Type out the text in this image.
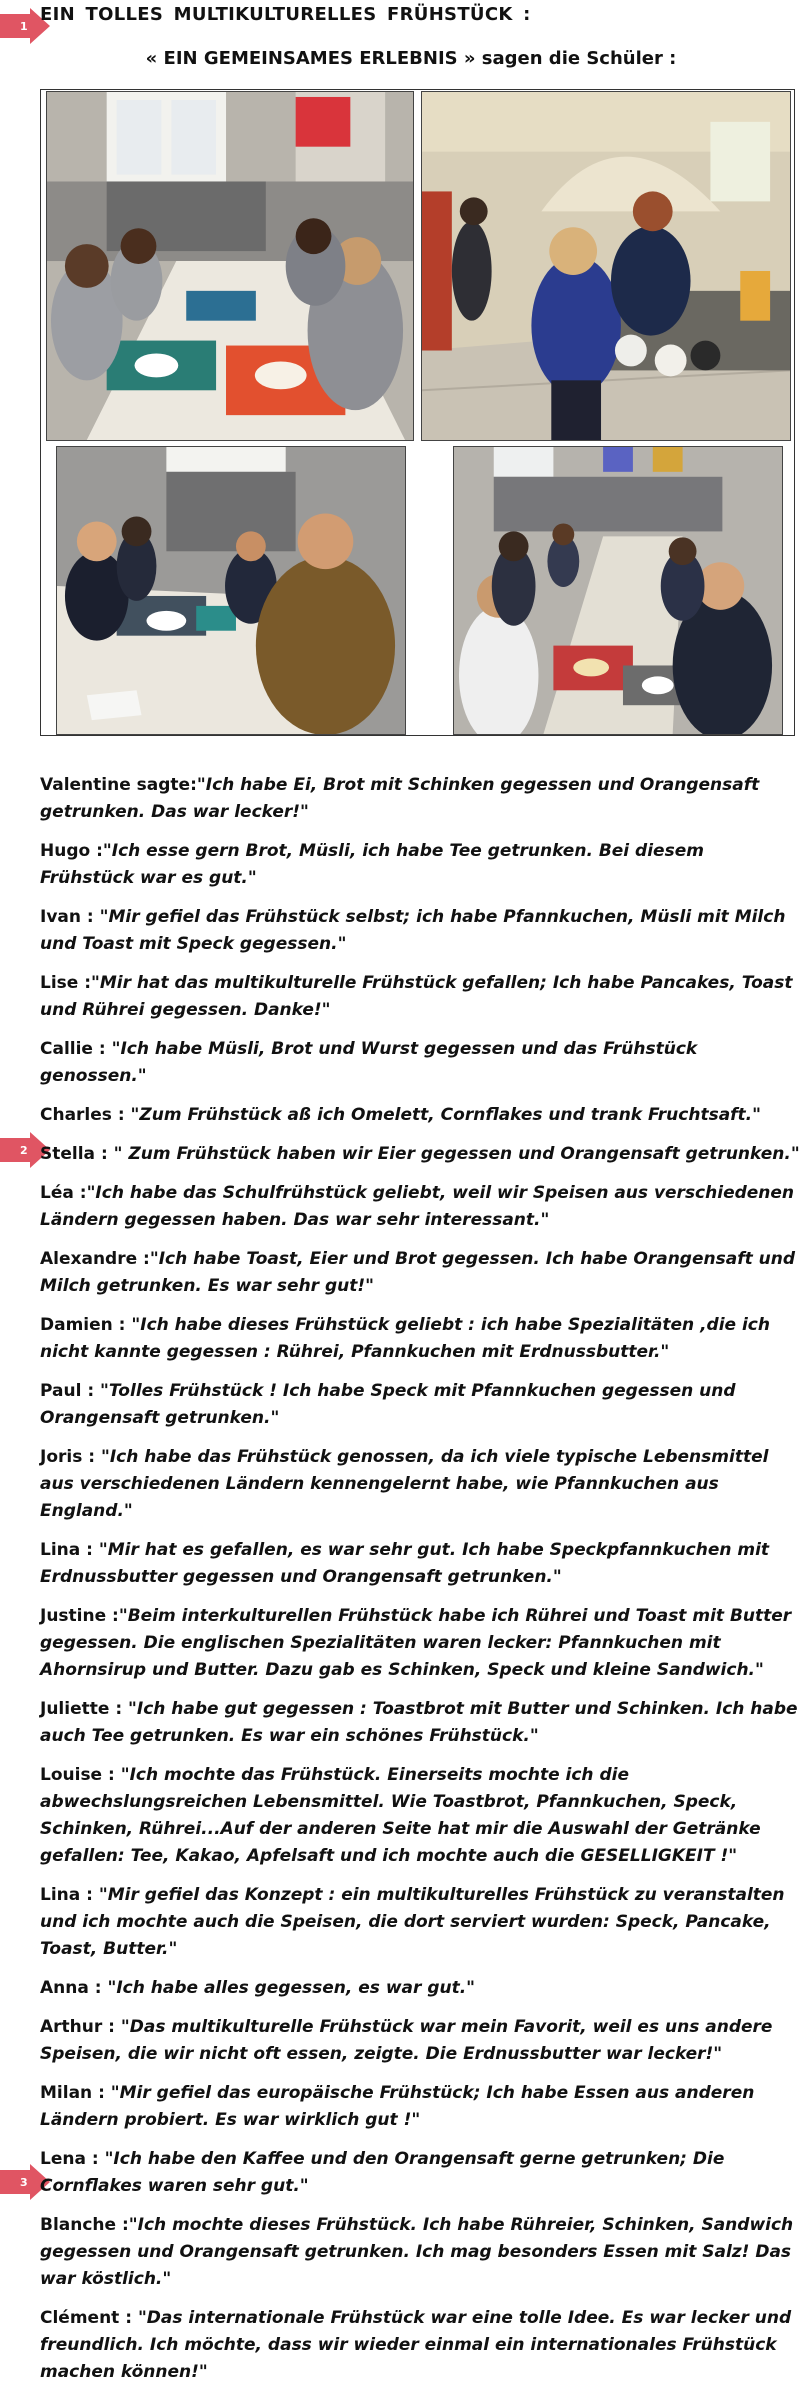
1
2
3
EIN TOLLES MULTIKULTURELLES FRÜHSTÜCK :
« EIN GEMEINSAMES ERLEBNIS » sagen die Schüler :

Valentine sagte:"Ich habe Ei, Brot mit Schinken gegessen und Orangensaft getrunken. Das war lecker!"

Hugo :"Ich esse gern Brot, Müsli, ich habe Tee getrunken. Bei diesem Frühstück war es gut."

Ivan : "Mir gefiel das Frühstück selbst; ich habe Pfannkuchen, Müsli mit Milch und Toast mit Speck gegessen."

Lise :"Mir hat das multikulturelle Frühstück gefallen; Ich habe Pancakes, Toast und Rührei gegessen. Danke!"

Callie : "Ich habe Müsli, Brot und Wurst gegessen und das Frühstück genossen."

Charles : "Zum Frühstück aß ich Omelett, Cornflakes und trank Fruchtsaft."

Stella : " Zum Frühstück haben wir Eier gegessen und Orangensaft getrunken."

Léa :"Ich habe das Schulfrühstück geliebt, weil wir Speisen aus verschiedenen Ländern gegessen haben. Das war sehr interessant."

Alexandre :"Ich habe Toast, Eier und Brot gegessen. Ich habe Orangensaft und Milch getrunken. Es war sehr gut!"

Damien : "Ich habe dieses Frühstück geliebt : ich habe Spezialitäten ,die ich nicht kannte gegessen : Rührei, Pfannkuchen mit Erdnussbutter."

Paul : "Tolles Frühstück ! Ich habe Speck mit Pfannkuchen gegessen und Orangensaft getrunken."

Joris : "Ich habe das Frühstück genossen, da ich viele typische Lebensmittel aus verschiedenen Ländern kennengelernt habe, wie Pfannkuchen aus England."

Lina : "Mir hat es gefallen, es war sehr gut. Ich habe Speckpfannkuchen mit Erdnussbutter gegessen und Orangensaft getrunken."

Justine :"Beim interkulturellen Frühstück habe ich Rührei und Toast mit Butter gegessen. Die englischen Spezialitäten waren lecker: Pfannkuchen mit Ahornsirup und Butter. Dazu gab es Schinken, Speck und kleine Sandwich."

Juliette : "Ich habe gut gegessen : Toastbrot mit Butter und Schinken. Ich habe auch Tee getrunken. Es war ein schönes Frühstück."

Louise : "Ich mochte das Frühstück. Einerseits mochte ich die abwechslungsreichen Lebensmittel. Wie Toastbrot, Pfannkuchen, Speck, Schinken, Rührei...Auf der anderen Seite hat mir die Auswahl der Getränke gefallen: Tee, Kakao, Apfelsaft und ich mochte auch die GESELLIGKEIT !"

Lina : "Mir gefiel das Konzept : ein multikulturelles Frühstück zu veranstalten und ich mochte auch die Speisen, die dort serviert wurden: Speck, Pancake, Toast, Butter."

Anna : "Ich habe alles gegessen, es war gut."

Arthur : "Das multikulturelle Frühstück war mein Favorit, weil es uns andere Speisen, die wir nicht oft essen, zeigte. Die Erdnussbutter war lecker!"

Milan : "Mir gefiel das europäische Frühstück; Ich habe Essen aus anderen Ländern probiert. Es war wirklich gut !"

Lena : "Ich habe den Kaffee und den Orangensaft gerne getrunken; Die Cornflakes waren sehr gut."

Blanche :"Ich mochte dieses Frühstück. Ich habe Rühreier, Schinken, Sandwich gegessen und Orangensaft getrunken. Ich mag besonders Essen mit Salz! Das war köstlich."

Clément : "Das internationale Frühstück war eine tolle Idee. Es war lecker und freundlich. Ich möchte, dass wir wieder einmal ein internationales Frühstück machen können!"
